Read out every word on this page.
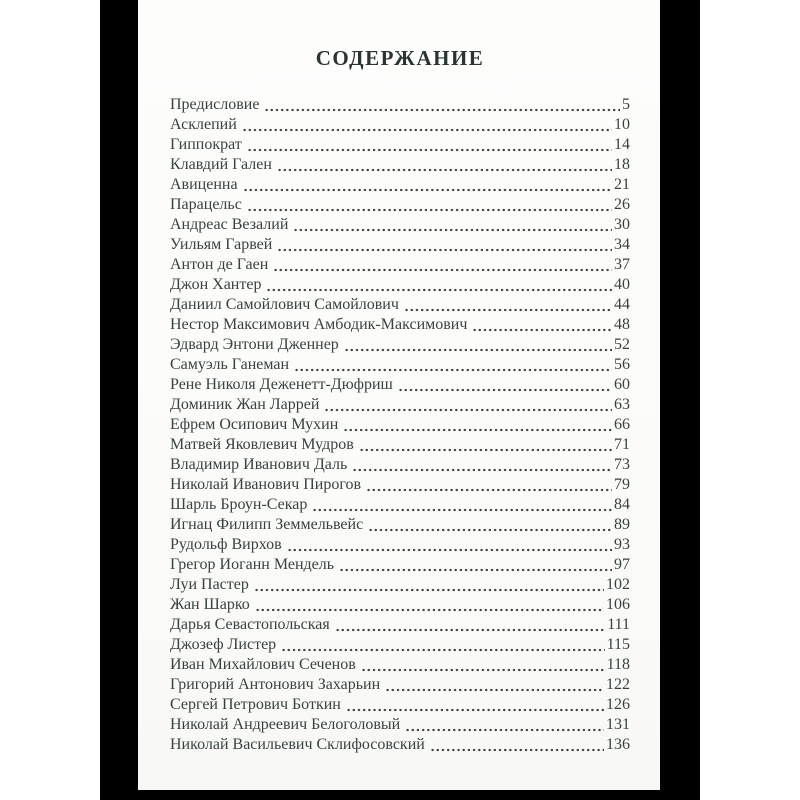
СОДЕРЖАНИЕ
Предисловие	5
Асклепий	10
Гиппократ	14
Клавдий Гален	18
Авиценна	21
Парацельс	26
Андреас Везалий	30
Уильям Гарвей	34
Антон де Гаен	37
Джон Хантер	40
Даниил Самойлович Самойлович	44
Нестор Максимович Амбодик-Максимович	48
Эдвард Энтони Дженнер	52
Самуэль Ганеман	56
Рене Николя Деженетт-Дюфриш	60
Доминик Жан Ларрей	63
Ефрем Осипович Мухин	66
Матвей Яковлевич Мудров	71
Владимир Иванович Даль	73
Николай Иванович Пирогов	79
Шарль Броун-Секар	84
Игнац Филипп Земмельвейс	89
Рудольф Вирхов	93
Грегор Иоганн Мендель	97
Луи Пастер	102
Жан Шарко	106
Дарья Севастопольская	111
Джозеф Листер	115
Иван Михайлович Сеченов	118
Григорий Антонович Захарьин	122
Сергей Петрович Боткин	126
Николай Андреевич Белоголовый	131
Николай Васильевич Склифосовский	136
